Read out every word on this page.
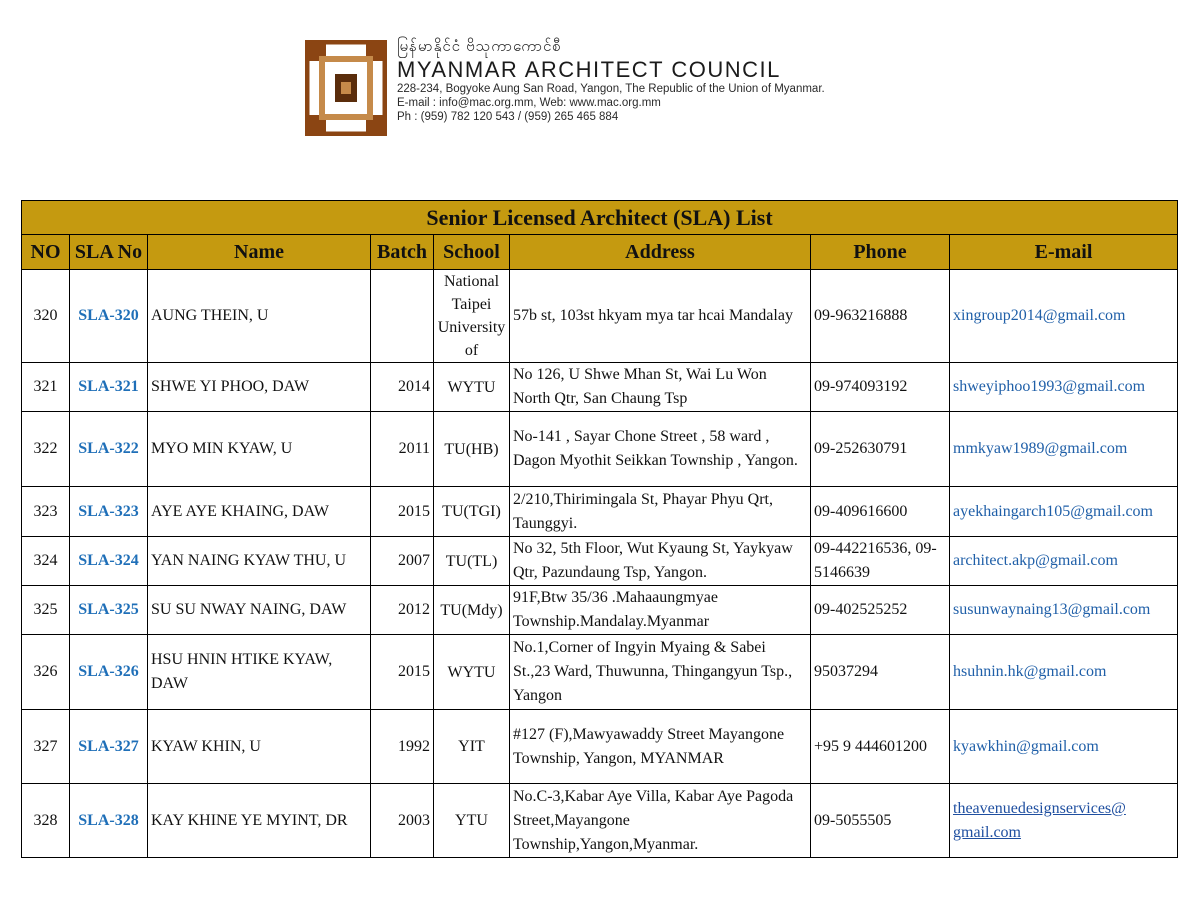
မြန်မာနိုင်ငံ ဗိသုကာကောင်စီ
MYANMAR ARCHITECT COUNCIL
228-234, Bogyoke Aung San Road, Yangon, The Republic of the Union of Myanmar.
E-mail : info@mac.org.mm, Web: www.mac.org.mm
Ph : (959) 782 120 543 / (959) 265 465 884
Senior Licensed Architect (SLA) List							
NO	SLA No	Name	Batch	School	Address	Phone	E-mail
320	SLA-320	AUNG THEIN, U		National Taipei University of	57b st, 103st hkyam mya tar hcai Mandalay	09-963216888	xingroup2014@gmail.com
321	SLA-321	SHWE YI PHOO, DAW	2014	WYTU	No 126, U Shwe Mhan St, Wai Lu Won North Qtr, San Chaung Tsp	09-974093192	shweyiphoo1993@gmail.com
322	SLA-322	MYO MIN KYAW, U	2011	TU(HB)	No-141 , Sayar Chone Street , 58 ward , Dagon Myothit Seikkan Township , Yangon.	09-252630791	mmkyaw1989@gmail.com
323	SLA-323	AYE AYE KHAING, DAW	2015	TU(TGI)	2/210,Thirimingala St, Phayar Phyu Qrt, Taunggyi.	09-409616600	ayekhaingarch105@gmail.com
324	SLA-324	YAN NAING KYAW THU, U	2007	TU(TL)	No 32, 5th Floor, Wut Kyaung St, Yaykyaw Qtr, Pazundaung Tsp, Yangon.	09-442216536, 09-5146639	architect.akp@gmail.com
325	SLA-325	SU SU NWAY NAING, DAW	2012	TU(Mdy)	91F,Btw 35/36 .Mahaaungmyae Township.Mandalay.Myanmar	09-402525252	susunwaynaing13@gmail.com
326	SLA-326	HSU HNIN HTIKE KYAW, DAW	2015	WYTU	No.1,Corner of Ingyin Myaing & Sabei St.,23 Ward, Thuwunna, Thingangyun Tsp., Yangon	95037294	hsuhnin.hk@gmail.com
327	SLA-327	KYAW KHIN, U	1992	YIT	#127 (F),Mawyawaddy Street Mayangone Township, Yangon, MYANMAR	+95 9 444601200	kyawkhin@gmail.com
328	SLA-328	KAY KHINE YE MYINT, DR	2003	YTU	No.C-3,Kabar Aye Villa, Kabar Aye Pagoda Street,Mayangone Township,Yangon,Myanmar.	09-5055505	theavenuedesignservices@ gmail.com
